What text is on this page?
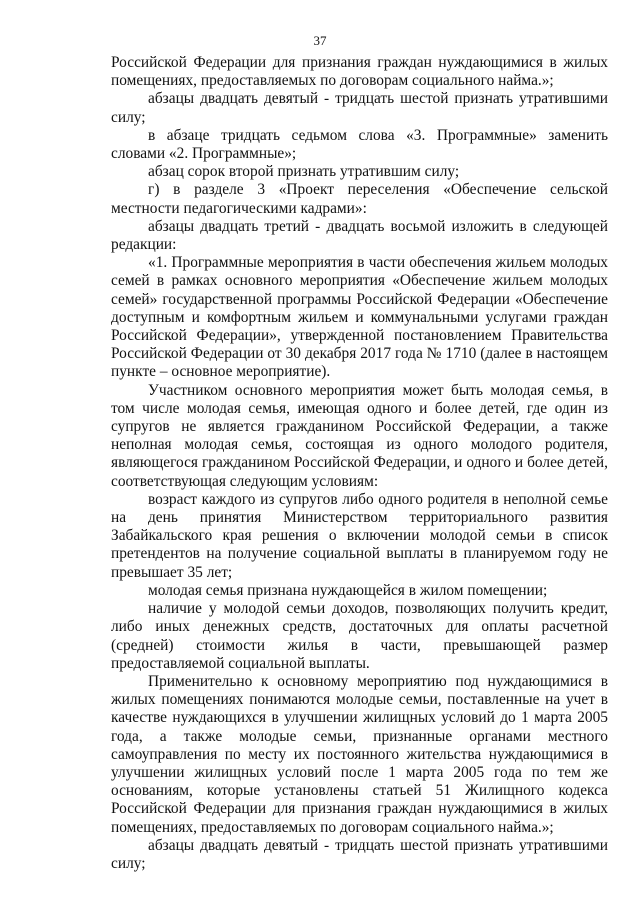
37

Российской Федерации для признания граждан нуждающимися в жилых помещениях, предоставляемых по договорам социального найма.»;

абзацы двадцать девятый - тридцать шестой признать утратившими силу;

в абзаце тридцать седьмом слова «3. Программные» заменить словами «2. Программные»;

абзац сорок второй признать утратившим силу;

г) в разделе 3 «Проект переселения «Обеспечение сельской местности педагогическими кадрами»:

абзацы двадцать третий - двадцать восьмой изложить в следующей редакции:

«1. Программные мероприятия в части обеспечения жильем молодых семей в рамках основного мероприятия «Обеспечение жильем молодых семей» государственной программы Российской Федерации «Обеспечение доступным и комфортным жильем и коммунальными услугами граждан Российской Федерации», утвержденной постановлением Правительства Российской Федерации от 30 декабря 2017 года № 1710 (далее в настоящем пункте – основное мероприятие).

Участником основного мероприятия может быть молодая семья, в том числе молодая семья, имеющая одного и более детей, где один из супругов не является гражданином Российской Федерации, а также неполная молодая семья, состоящая из одного молодого родителя, являющегося гражданином Российской Федерации, и одного и более детей, соответствующая следующим условиям:

возраст каждого из супругов либо одного родителя в неполной семье на день принятия Министерством территориального развития Забайкальского края решения о включении молодой семьи в список претендентов на получение социальной выплаты в планируемом году не превышает 35 лет;

молодая семья признана нуждающейся в жилом помещении;

наличие у молодой семьи доходов, позволяющих получить кредит, либо иных денежных средств, достаточных для оплаты расчетной (средней) стоимости жилья в части, превышающей размер предоставляемой социальной выплаты.

Применительно к основному мероприятию под нуждающимися в жилых помещениях понимаются молодые семьи, поставленные на учет в качестве нуждающихся в улучшении жилищных условий до 1 марта 2005 года, а также молодые семьи, признанные органами местного самоуправления по месту их постоянного жительства нуждающимися в улучшении жилищных условий после 1 марта 2005 года по тем же основаниям, которые установлены статьей 51 Жилищного кодекса Российской Федерации для признания граждан нуждающимися в жилых помещениях, предоставляемых по договорам социального найма.»;

абзацы двадцать девятый - тридцать шестой признать утратившими силу;
